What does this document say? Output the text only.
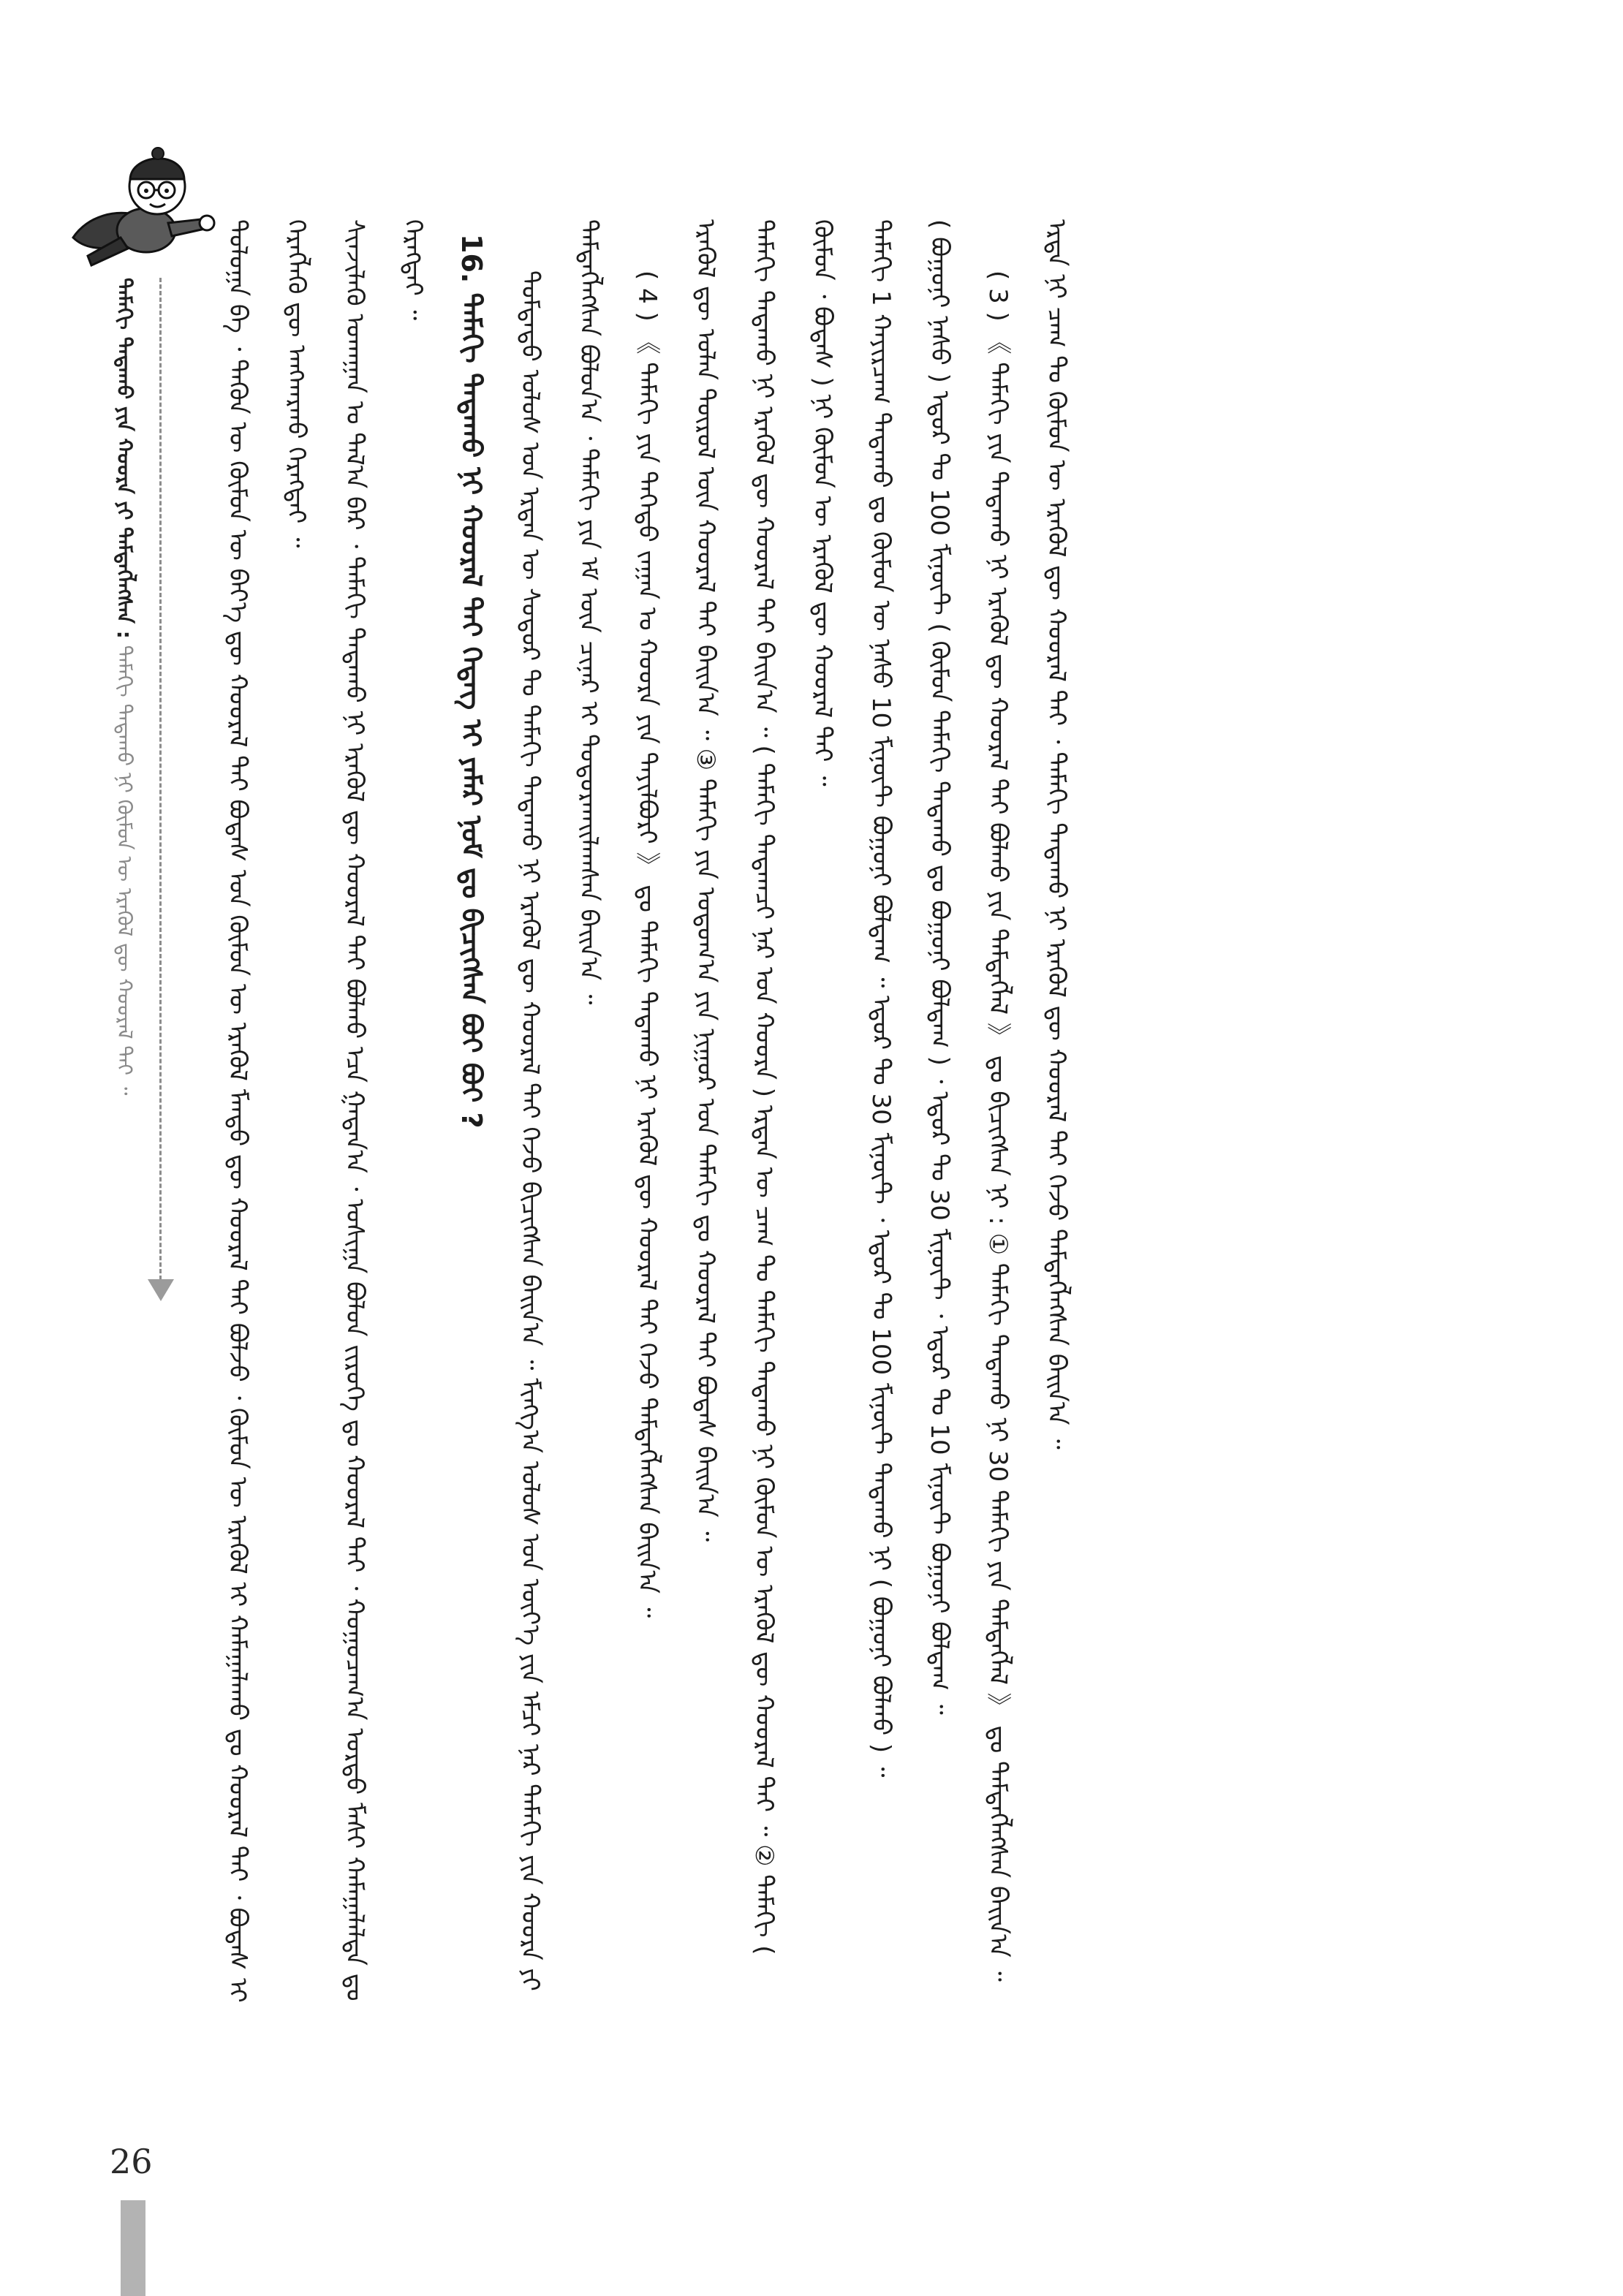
ᠲᠠᠮᠠᠬᠢ ᠲᠠᠲᠠᠬᠤ ᠶᠢᠨ ᠬᠣᠤᠷᠠ ᠶᠢ ᠲᠡᠮᠳᠡᠭᠯᠡᠭᠰᠡᠨ : ᠲᠠᠮᠠᠬᠢ ᠲᠠᠲᠠᠬᠤ ᠨᠢ ᠬᠦᠮᠦᠨ ᠦ ᠡᠷᠡᠭᠦᠯ ᠳᠦ ᠬᠣᠤᠷᠠᠯ ᠲᠠᠢ ᠃	ᠳᠤᠯᠤᠭᠠ ᠪᠠ ᠂ ᠲᠡᠭᠦᠨ ᠦ ᠬᠦᠮᠦᠨ ᠦ ᠪᠡᠶ᠎ᠡ ᠳᠦ ᠬᠣᠤᠷᠠᠯ ᠲᠠᠢ ᠪᠣᠳᠠᠰ ᠤᠨ ᠬᠦᠮᠦᠨ ᠦ ᠡᠷᠡᠭᠦᠯ ᠮᠡᠨᠳᠦ ᠳᠦ ᠬᠣᠤᠷᠠᠯ ᠲᠠᠢ ᠪᠣᠯᠵᠤ ᠂ ᠬᠦᠮᠦᠨ ᠦ ᠡᠷᠡᠭᠦᠯ ᠢ ᠬᠠᠮᠠᠭᠠᠯᠠᠬᠤ ᠳᠤ ᠬᠣᠤᠷᠠᠯ ᠲᠠᠢ ᠂ ᠪᠣᠳᠠᠰ ᠢ ᠬᠡᠷᠡᠭᠯᠡᠬᠦ ᠳᠦ ᠠᠩᠬᠠᠷᠬᠤ ᠬᠡᠷᠡᠭᠲᠡᠢ ᠃	ᠰᠢᠨᠵᠢᠯᠡᠬᠦ ᠤᠬᠠᠭᠠᠨ ᠤ ᠲᠠᠯ᠎ᠠ ᠪᠠᠷ ᠂ ᠲᠠᠮᠠᠬᠢ ᠲᠠᠲᠠᠬᠤ ᠨᠢ ᠡᠷᠡᠭᠦᠯ ᠳᠦ ᠬᠣᠤᠷᠠᠯ ᠲᠠᠢ ᠪᠣᠯᠬᠤ ᠡᠴᠡ ᠭᠠᠳᠠᠨ᠎ᠠ ᠂ ᠤᠰᠢᠭᠠ ᠪᠣᠯᠤᠨ ᠵᠢᠷᠦᠬᠡ ᠳᠤ ᠬᠣᠤᠷᠠᠯ ᠲᠠᠢ ᠂ ᠬᠤᠭᠤᠴᠠᠭ᠎ᠠ ᠤᠷᠲᠤ ᠮᠠᠰᠢ ᠬᠠᠮᠠᠭᠠᠯᠠᠯᠲᠠ ᠳᠤ ᠬᠡᠷᠡᠭᠲᠡᠢ ᠃	16. ᠲᠠᠮᠠᠬᠢ ᠲᠠᠲᠠᠬᠤ ᠨᠢ ᠬᠣᠤᠷᠠᠯ ᠲᠠᠢ ᠭᠡᠳᠡᠭ ᠢ ᠶᠠᠮᠠᠷ ᠨᠣᠮ ᠳᠤ ᠪᠢᠴᠢᠭᠰᠡᠨ ᠪᠤᠢ ᠪᠤᠢ ?	ᠳᠤᠮᠳᠠᠳᠤ ᠤᠯᠤᠰ ᠤᠨ ᠡᠷᠲᠡᠨ ᠦ ᠰᠤᠳᠤᠷ ᠲᠤ ᠲᠠᠮᠠᠬᠢ ᠲᠠᠲᠠᠬᠤ ᠨᠢ ᠡᠷᠡᠭᠦᠯ ᠳᠦ ᠬᠣᠤᠷᠠᠯ ᠲᠠᠢ ᠭᠡᠵᠦ ᠪᠢᠴᠢᠭᠰᠡᠨ ᠪᠠᠢᠨ᠎ᠠ ᠃ ᠮᠢᠩᠭ᠎ᠠ ᠤᠯᠤᠰ ᠤᠨ ᠦᠶ᠎ᠡ ᠶᠢᠨ ᠡᠮᠴᠢ ᠨᠠᠷ ᠲᠠᠮᠠᠬᠢ ᠶᠢᠨ ᠬᠣᠤᠷᠠ ᠶᠢ ᠲᠡᠮᠳᠡᠭᠯᠡᠭᠰᠡᠨ ᠪᠣᠯᠤᠨ᠎ᠠ ᠂ ᠲᠠᠮᠠᠬᠢ ᠶᠢᠨ ᠡᠮ ᠦᠨ ᠴᠢᠨᠠᠷ ᠢ ᠲᠣᠳᠣᠷᠬᠠᠢᠯᠠᠭᠰᠠᠨ ᠪᠠᠢᠨ᠎ᠠ ᠃	( 4 ) 《 ᠲᠠᠮᠠᠬᠢ ᠶᠢᠨ ᠳᠡᠭᠡᠳᠦ ᠵᠠᠭᠠᠨ ᠤ ᠬᠣᠤᠷᠠ ᠶᠢᠨ ᠲᠠᠶᠢᠯᠪᠤᠷᠢ 》 ᠳᠤ ᠲᠠᠮᠠᠬᠢ ᠲᠠᠲᠠᠬᠤ ᠨᠢ ᠡᠷᠡᠭᠦᠯ ᠳᠦ ᠬᠣᠤᠷᠠᠯ ᠲᠠᠢ ᠭᠡᠵᠦ ᠲᠡᠮᠳᠡᠭᠯᠡᠭᠰᠡᠨ ᠪᠠᠢᠨ᠎ᠠ ᠃	ᠡᠷᠡᠭᠦᠯ ᠳᠦ ᠣᠯᠠᠨ ᠲᠦᠷᠦᠯ ᠦᠨ ᠬᠣᠤᠷᠠᠯ ᠲᠠᠢ ᠪᠠᠢᠨ᠎ᠠ ᠃ ③ ᠲᠠᠮᠠᠬᠢ ᠶᠢᠨ ᠣᠳᠤᠭ᠎ᠠ ᠶᠢᠨ ᠨᠢᠭᠤᠷ ᠤᠨ ᠲᠠᠮᠠᠬᠢ ᠳᠤ ᠬᠣᠤᠷᠠᠯ ᠲᠠᠢ ᠪᠣᠳᠠᠰ ᠪᠠᠢᠨ᠎ᠠ ᠃	ᠲᠠᠮᠠᠬᠢ ᠲᠠᠲᠠᠬᠤ ᠨᠢ ᠡᠷᠡᠭᠦᠯ ᠳᠦ ᠬᠣᠤᠷᠠᠯ ᠲᠠᠢ ᠪᠠᠢᠨ᠎ᠠ ᠃ ( ᠲᠠᠮᠠᠬᠢ ᠲᠠᠲᠠᠭᠴᠢ ᠨᠠᠷ ᠤᠨ ᠬᠣᠤᠷᠠ ) ᠡᠷᠲᠡᠨ ᠦ ᠴᠠᠭ ᠲᠤ ᠲᠠᠮᠠᠬᠢ ᠲᠠᠲᠠᠬᠤ ᠨᠢ ᠬᠦᠮᠦᠨ ᠦ ᠡᠷᠡᠭᠦᠯ ᠳᠦ ᠬᠣᠤᠷᠠᠯ ᠲᠠᠢ ᠃ ② ᠲᠠᠮᠠᠬᠢ ( ᠬᠦᠮᠦᠨ ᠂ ᠪᠣᠳᠠᠰ ) ᠨᠢ ᠬᠦᠮᠦᠨ ᠦ ᠡᠷᠡᠭᠦᠯ ᠳᠦ ᠬᠣᠤᠷᠠᠯ ᠲᠠᠢ ᠃	ᠲᠠᠮᠠᠬᠢ 1 ᠬᠠᠶᠢᠷᠴᠠᠭ ᠲᠠᠲᠠᠬᠤ ᠳᠤ ᠬᠦᠮᠦᠨ ᠦ ᠨᠠᠰᠤ 10 ᠮᠢᠨᠦ᠋ᠲ ᠪᠣᠭᠤᠨᠢ ᠪᠣᠯᠳᠠᠭ ᠃ ᠡᠳᠦᠷ ᠲᠤ 30 ᠮᠢᠨᠦ᠋ᠲ ᠂ ᠡᠳᠦᠷ ᠲᠤ 100 ᠮᠢᠨᠦ᠋ᠲ ᠲᠠᠲᠠᠬᠤ ᠨᠢ ( ᠪᠣᠭᠤᠨᠢ ᠪᠣᠯᠬᠤ ) ᠃	( ᠪᠣᠭᠤᠨᠢ ᠨᠠᠰᠤ ) ᠡᠳᠦᠷ ᠲᠤ 100 ᠮᠢᠨᠦ᠋ᠲ ( ᠬᠦᠮᠦᠨ ᠲᠠᠮᠠᠬᠢ ᠲᠠᠲᠠᠬᠤ ᠳᠤ ᠪᠣᠭᠤᠨᠢ ᠪᠣᠯᠳᠠᠭ ) ᠂ ᠡᠳᠦᠷ ᠲᠤ 30 ᠮᠢᠨᠦ᠋ᠲ ᠂ ᠡᠳᠦᠷ ᠲᠤ 10 ᠮᠢᠨᠦ᠋ᠲ ᠪᠣᠭᠤᠨᠢ ᠪᠣᠯᠳᠠᠭ ᠃	( 3 ) 《 ᠲᠠᠮᠠᠬᠢ ᠶᠢᠨ ᠲᠠᠲᠠᠬᠤ ᠨᠢ ᠡᠷᠡᠭᠦᠯ ᠳᠦ ᠬᠣᠤᠷᠠᠯ ᠲᠠᠢ ᠪᠣᠯᠬᠤ ᠶᠢᠨ ᠲᠡᠮᠳᠡᠭᠯᠡᠯ 》 ᠳᠤ ᠪᠢᠴᠢᠭᠰᠡᠨ ᠨᠢ : ① ᠲᠠᠮᠠᠬᠢ ᠲᠠᠲᠠᠬᠤ ᠨᠢ 30 ᠲᠠᠮᠠᠬᠢ ᠶᠢᠨ ᠲᠡᠮᠳᠡᠭᠯᠡᠯ 》 ᠳᠤ ᠲᠡᠮᠳᠡᠭᠯᠡᠭᠰᠡᠨ ᠪᠠᠢᠨ᠎ᠠ ᠃	ᠡᠷᠲᠡ ᠨᠢ ᠴᠠᠭ ᠲᠤ ᠬᠦᠮᠦᠨ ᠦ ᠡᠷᠡᠭᠦᠯ ᠳᠦ ᠬᠣᠤᠷᠠᠯ ᠲᠠᠢ ᠂ ᠲᠠᠮᠠᠬᠢ ᠲᠠᠲᠠᠬᠤ ᠨᠢ ᠡᠷᠡᠭᠦᠯ ᠳᠦ ᠬᠣᠤᠷᠠᠯ ᠲᠠᠢ ᠭᠡᠵᠦ ᠲᠡᠮᠳᠡᠭᠯᠡᠭᠰᠡᠨ ᠪᠠᠢᠨ᠎ᠠ ᠃

26
